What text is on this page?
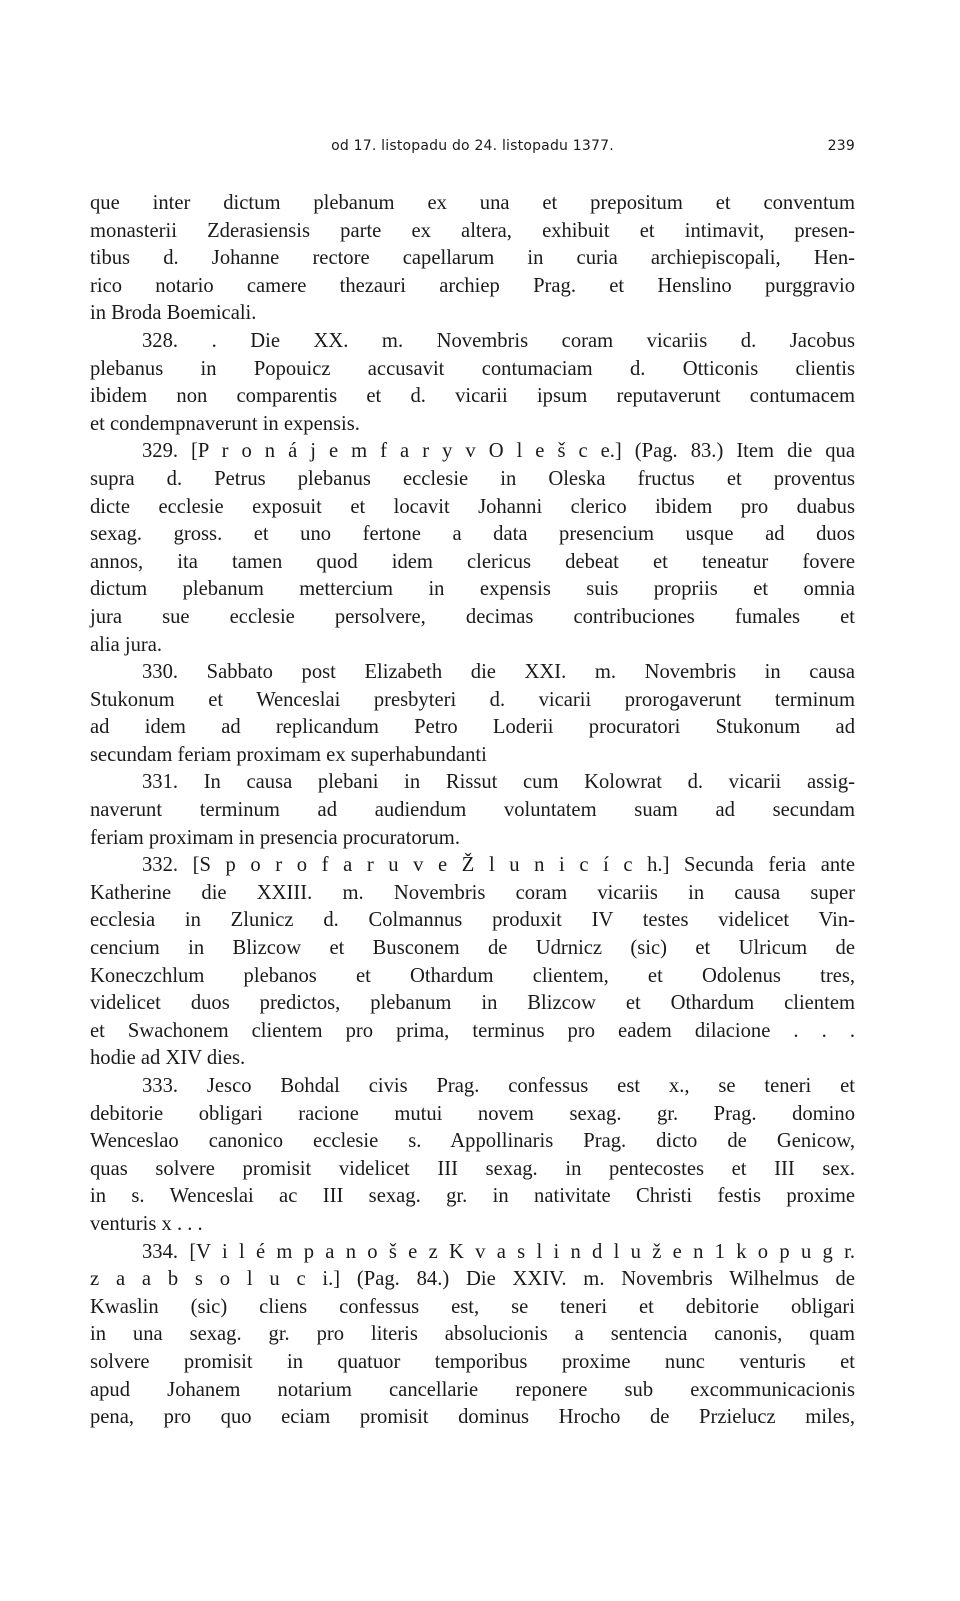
od 17. listopadu do 24. listopadu 1377.	239
que inter dictum plebanum ex una et prepositum et conventum
monasterii Zderasiensis parte ex altera, exhibuit et intimavit, presen-
tibus d. Johanne rectore capellarum in curia archiepiscopali, Hen-
rico notario camere thezauri archiep Prag. et Henslino purggravio
in Broda Boemicali.
328. . Die XX. m. Novembris coram vicariis d. Jacobus
plebanus in Popouicz accusavit contumaciam d. Otticonis clientis
ibidem non comparentis et d. vicarii ipsum reputaverunt contumacem
et condempnaverunt in expensis.
329. [P r o n á j e m f a r y v O l e š c e.] (Pag. 83.) Item die qua
supra d. Petrus plebanus ecclesie in Oleska fructus et proventus
dicte ecclesie exposuit et locavit Johanni clerico ibidem pro duabus
sexag. gross. et uno fertone a data presencium usque ad duos
annos, ita tamen quod idem clericus debeat et teneatur fovere
dictum plebanum mettercium in expensis suis propriis et omnia
jura sue ecclesie persolvere, decimas contribuciones fumales et
alia jura.
330. Sabbato post Elizabeth die XXI. m. Novembris in causa
Stukonum et Wenceslai presbyteri d. vicarii prorogaverunt terminum
ad idem ad replicandum Petro Loderii procuratori Stukonum ad
secundam feriam proximam ex superhabundanti
331. In causa plebani in Rissut cum Kolowrat d. vicarii assig-
naverunt terminum ad audiendum voluntatem suam ad secundam
feriam proximam in presencia procuratorum.
332. [S p o r o f a r u v e Ž l u n i c í c h.] Secunda feria ante
Katherine die XXIII. m. Novembris coram vicariis in causa super
ecclesia in Zlunicz d. Colmannus produxit IV testes videlicet Vin-
cencium in Blizcow et Busconem de Udrnicz (sic) et Ulricum de
Koneczchlum plebanos et Othardum clientem, et Odolenus tres,
videlicet duos predictos, plebanum in Blizcow et Othardum clientem
et Swachonem clientem pro prima, terminus pro eadem dilacione . . .
hodie ad XIV dies.
333. Jesco Bohdal civis Prag. confessus est x., se teneri et
debitorie obligari racione mutui novem sexag. gr. Prag. domino
Wenceslao canonico ecclesie s. Appollinaris Prag. dicto de Genicow,
quas solvere promisit videlicet III sexag. in pentecostes et III sex.
in s. Wenceslai ac III sexag. gr. in nativitate Christi festis proxime
venturis x . . .
334. [V i l é m p a n o š e z K v a s l i n d l u ž e n 1 k o p u g r.
z a a b s o l u c i.] (Pag. 84.) Die XXIV. m. Novembris Wilhelmus de
Kwaslin (sic) cliens confessus est, se teneri et debitorie obligari
in una sexag. gr. pro literis absolucionis a sentencia canonis, quam
solvere promisit in quatuor temporibus proxime nunc venturis et
apud Johanem notarium cancellarie reponere sub excommunicacionis
pena, pro quo eciam promisit dominus Hrocho de Przielucz miles,
